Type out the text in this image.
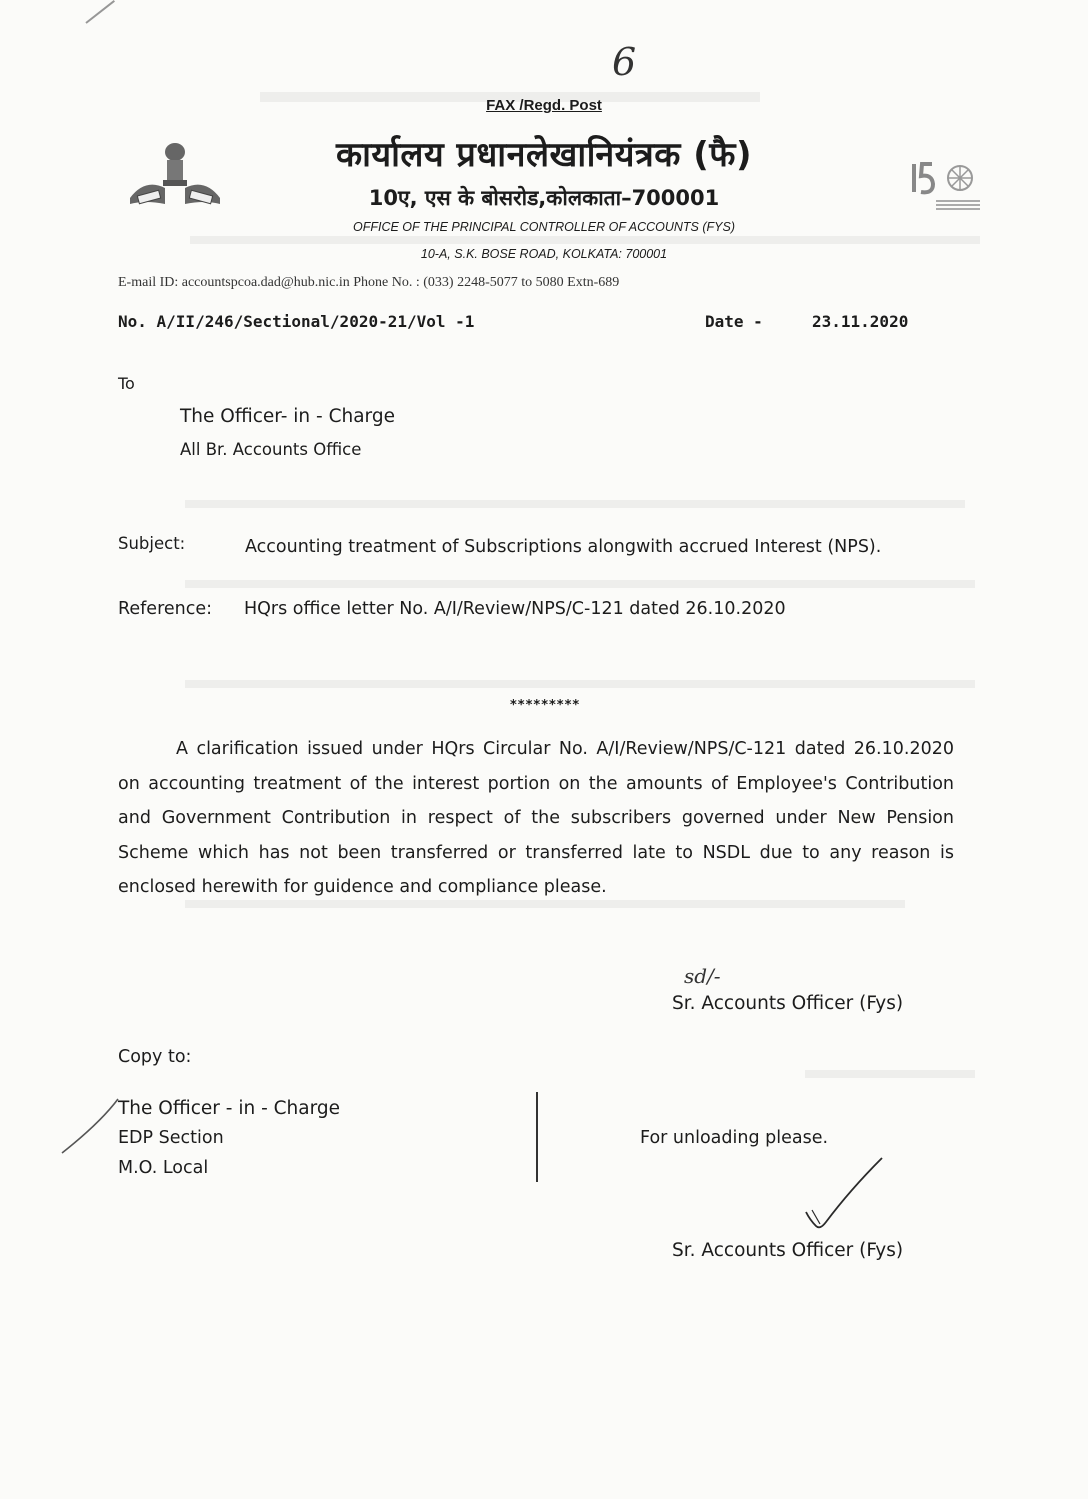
6
FAX /Regd. Post
कार्यालय प्रधानलेखानियंत्रक (फै)
10ए, एस के बोसरोड,कोलकाता–700001
OFFICE OF THE PRINCIPAL CONTROLLER OF ACCOUNTS (FYS)
10-A, S.K. BOSE ROAD, KOLKATA: 700001
E-mail ID: accountspcoa.dad@hub.nic.in Phone No. : (033) 2248-5077 to 5080 Extn-689
No. A/II/246/Sectional/2020-21/Vol -1	Date -	23.11.2020
To
The Officer- in - Charge
All Br. Accounts Office
Subject:	Accounting treatment of Subscriptions alongwith accrued Interest (NPS).
Reference: HQrs office letter No. A/I/Review/NPS/C-121 dated 26.10.2020
*********
A clarification issued under HQrs Circular No. A/I/Review/NPS/C-121 dated 26.10.2020 on accounting treatment of the interest portion on the amounts of Employee's Contribution and Government Contribution in respect of the subscribers governed under New Pension Scheme which has not been transferred or transferred late to NSDL due to any reason is enclosed herewith for guidence and compliance please.
sd/-
Sr. Accounts Officer (Fys)
Copy to:
The Officer - in - Charge
EDP Section
M.O. Local
For unloading please.
Sr. Accounts Officer (Fys)
